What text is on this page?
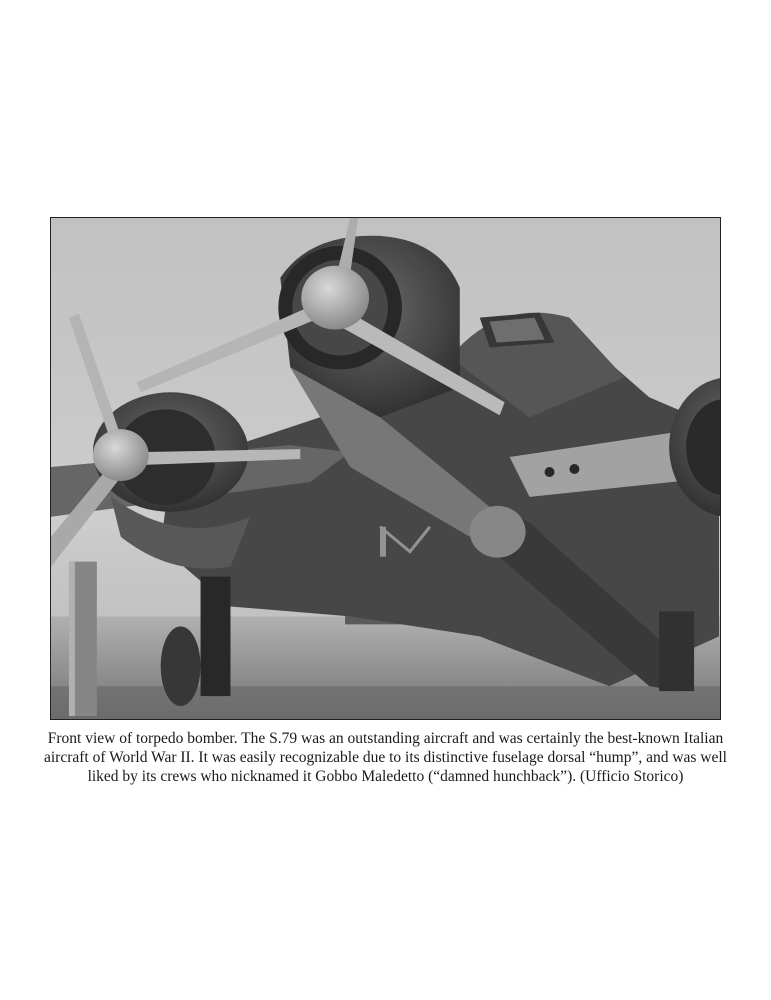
Front view of torpedo bomber. The S.79 was an outstanding aircraft and was certainly the best-known Italian aircraft of World War II. It was easily recognizable due to its distinctive fuselage dorsal “hump”, and was well liked by its crews who nicknamed it Gobbo Maledetto (“damned hunchback”). (Ufficio Storico)
